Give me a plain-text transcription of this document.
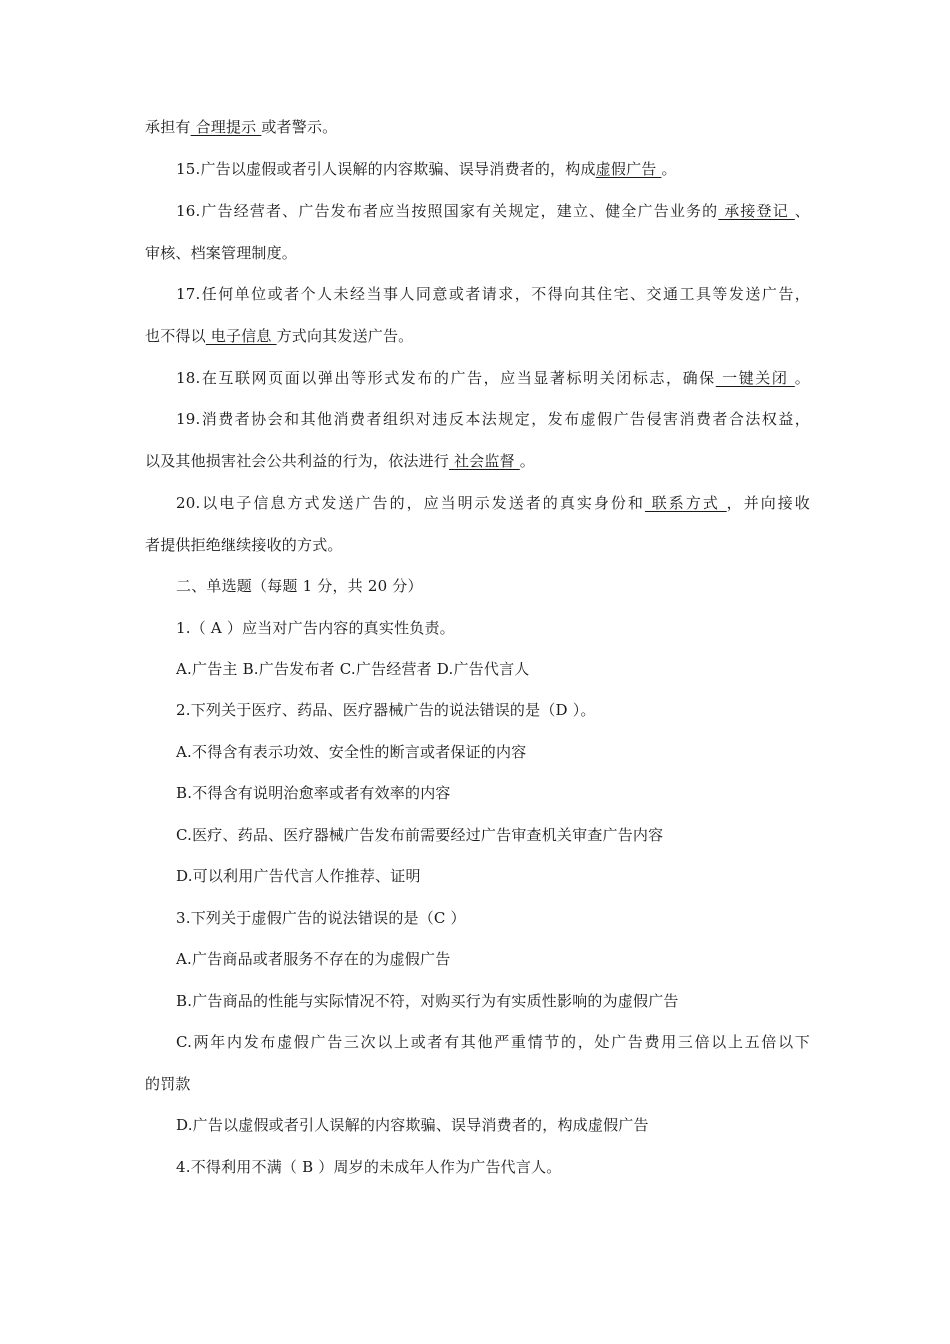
承担有 合理提示 或者警示。
15.广告以虚假或者引人误解的内容欺骗、误导消费者的，构成虚假广告 。
16.广告经营者、广告发布者应当按照国家有关规定，建立、健全广告业务的 承接登记 、
审核、档案管理制度。
17.任何单位或者个人未经当事人同意或者请求，不得向其住宅、交通工具等发送广告，
也不得以 电子信息 方式向其发送广告。
18.在互联网页面以弹出等形式发布的广告，应当显著标明关闭标志，确保 一键关闭 。
19.消费者协会和其他消费者组织对违反本法规定，发布虚假广告侵害消费者合法权益，
以及其他损害社会公共利益的行为，依法进行 社会监督 。
20.以电子信息方式发送广告的，应当明示发送者的真实身份和 联系方式 ，并向接收
者提供拒绝继续接收的方式。
二、单选题（每题 1 分，共 20 分）
1.（ A ）应当对广告内容的真实性负责。
A.广告主 B.广告发布者 C.广告经营者 D.广告代言人
2.下列关于医疗、药品、医疗器械广告的说法错误的是（D ）。
A.不得含有表示功效、安全性的断言或者保证的内容
B.不得含有说明治愈率或者有效率的内容
C.医疗、药品、医疗器械广告发布前需要经过广告审查机关审查广告内容
D.可以利用广告代言人作推荐、证明
3.下列关于虚假广告的说法错误的是（C ）
A.广告商品或者服务不存在的为虚假广告
B.广告商品的性能与实际情况不符，对购买行为有实质性影响的为虚假广告
C.两年内发布虚假广告三次以上或者有其他严重情节的，处广告费用三倍以上五倍以下
的罚款
D.广告以虚假或者引人误解的内容欺骗、误导消费者的，构成虚假广告
4.不得利用不满（ B ）周岁的未成年人作为广告代言人。
